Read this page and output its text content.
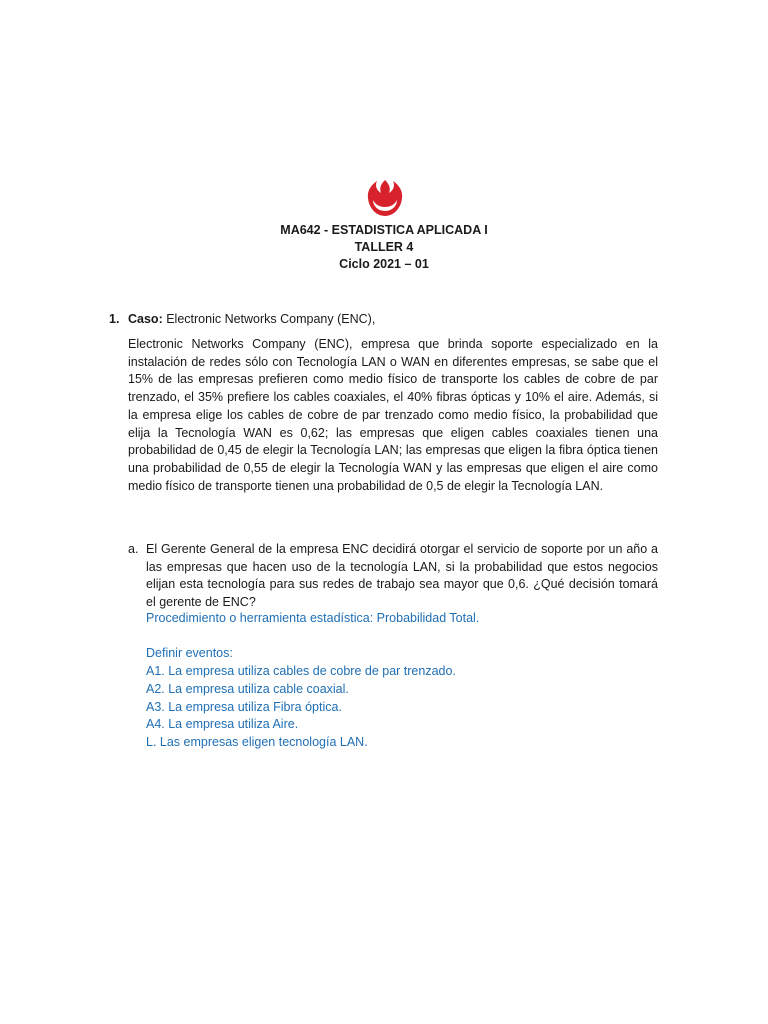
MA642 - ESTADISTICA APLICADA I
TALLER 4
Ciclo 2021 – 01
1. Caso: Electronic Networks Company (ENC),
Electronic Networks Company (ENC), empresa que brinda soporte especializado en la instalación de redes sólo con Tecnología LAN o WAN en diferentes empresas, se sabe que el 15% de las empresas prefieren como medio físico de transporte los cables de cobre de par trenzado, el 35% prefiere los cables coaxiales, el 40% fibras ópticas y 10% el aire. Además, si la empresa elige los cables de cobre de par trenzado como medio físico, la probabilidad que elija la Tecnología WAN es 0,62; las empresas que eligen cables coaxiales tienen una probabilidad de 0,45 de elegir la Tecnología LAN; las empresas que eligen la fibra óptica tienen una probabilidad de 0,55 de elegir la Tecnología WAN y las empresas que eligen el aire como medio físico de transporte tienen una probabilidad de 0,5 de elegir la Tecnología LAN.
a. El Gerente General de la empresa ENC decidirá otorgar el servicio de soporte por un año a las empresas que hacen uso de la tecnología LAN, si la probabilidad que estos negocios elijan esta tecnología para sus redes de trabajo sea mayor que 0,6. ¿Qué decisión tomará el gerente de ENC?
Procedimiento o herramienta estadística: Probabilidad Total.
Definir eventos:
A1. La empresa utiliza cables de cobre de par trenzado.
A2. La empresa utiliza cable coaxial.
A3. La empresa utiliza Fibra óptica.
A4. La empresa utiliza Aire.
L. Las empresas eligen tecnología LAN.
